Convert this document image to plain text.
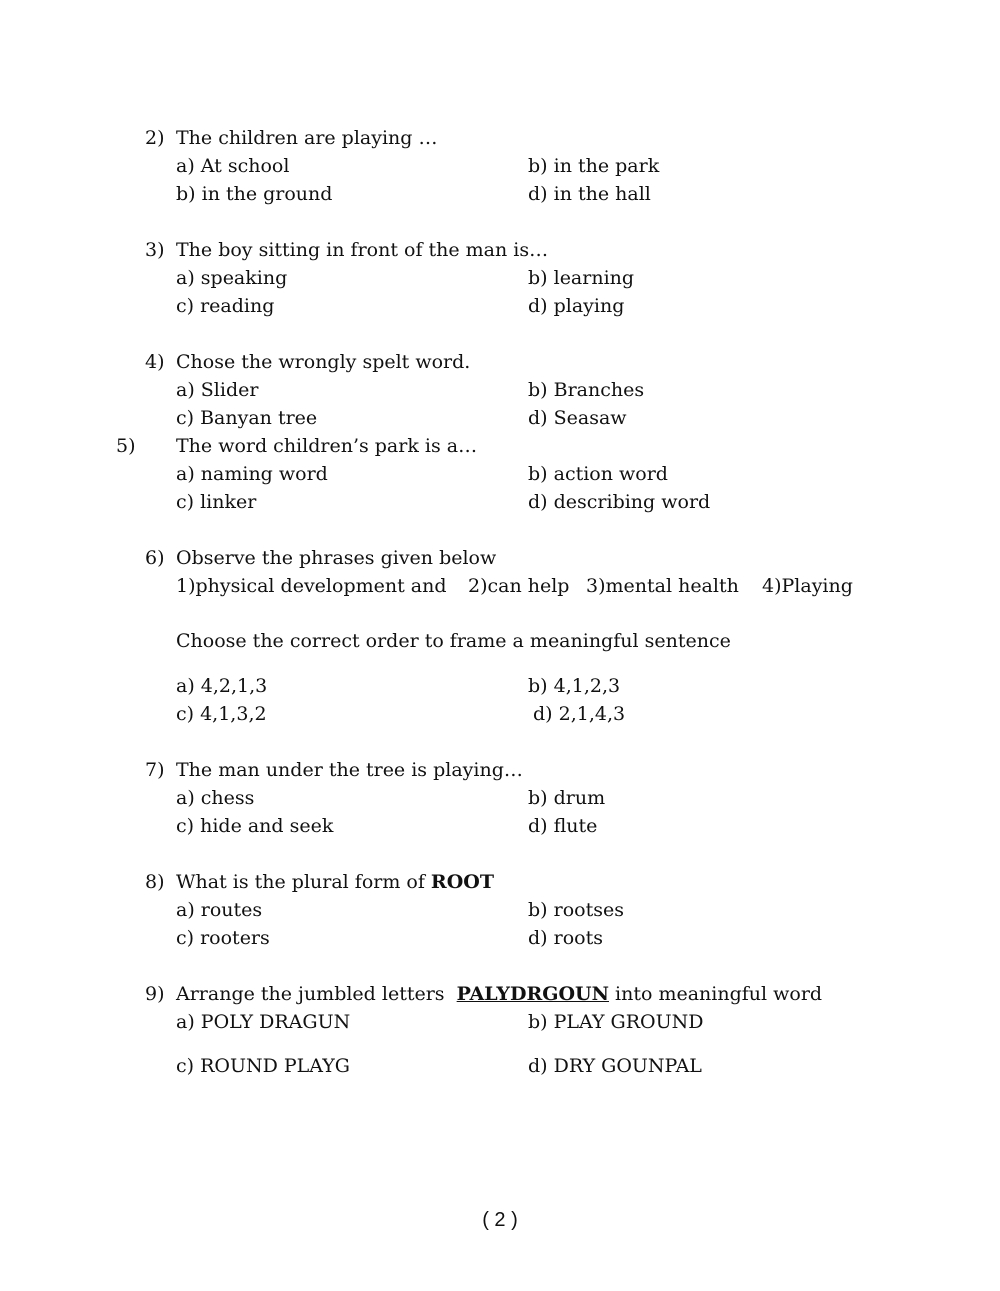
2) The children are playing …
a) At school	b) in the park
b) in the ground	d) in the hall
3) The boy sitting in front of the man is…
a) speaking	b) learning
c) reading	d) playing
4) Chose the wrongly spelt word.
a) Slider	b) Branches
c) Banyan tree	d) Seasaw
5) The word children’s park is a…
a) naming word	b) action word
c) linker	d) describing word
6) Observe the phrases given below
1)physical development and 2)can help 3)mental health 4)Playing
Choose the correct order to frame a meaningful sentence
a) 4,2,1,3	b) 4,1,2,3
c) 4,1,3,2	d) 2,1,4,3
7) The man under the tree is playing…
a) chess	b) drum
c) hide and seek	d) flute
8) What is the plural form of ROOT
a) routes	b) rootses
c) rooters	d) roots
9) Arrange the jumbled letters  PALYDRGOUN into meaningful word
a) POLY DRAGUN	b) PLAY GROUND
c) ROUND PLAYG	d) DRY GOUNPAL
( 2 )
